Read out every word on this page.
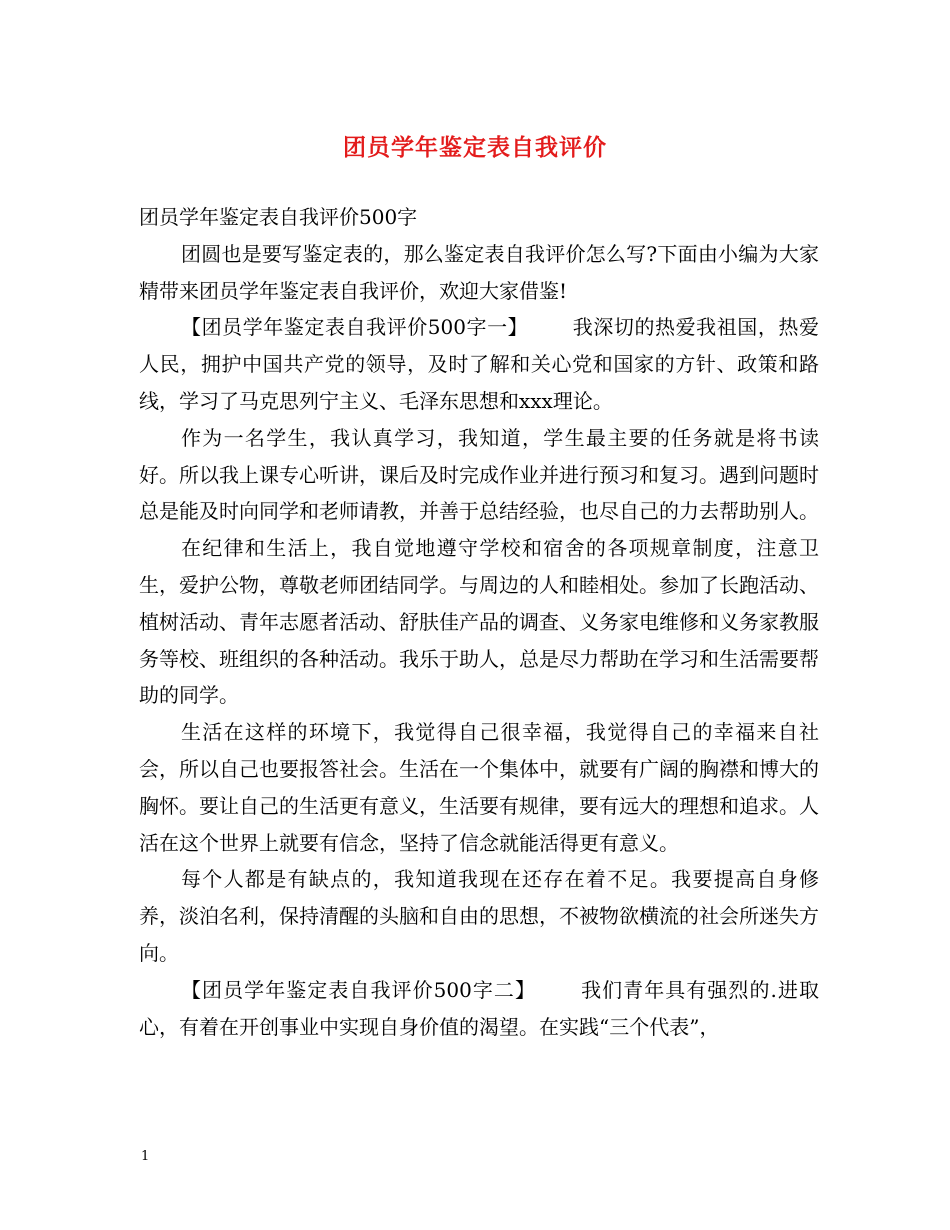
团员学年鉴定表自我评价

团员学年鉴定表自我评价500字

团圆也是要写鉴定表的，那么鉴定表自我评价怎么写?下面由小编为大家精带来团员学年鉴定表自我评价，欢迎大家借鉴!

【团员学年鉴定表自我评价500字一】 我深切的热爱我祖国，热爱人民，拥护中国共产党的领导，及时了解和关心党和国家的方针、政策和路线，学习了马克思列宁主义、毛泽东思想和xxx理论。

作为一名学生，我认真学习，我知道，学生最主要的任务就是将书读好。所以我上课专心听讲，课后及时完成作业并进行预习和复习。遇到问题时总是能及时向同学和老师请教，并善于总结经验，也尽自己的力去帮助别人。

在纪律和生活上，我自觉地遵守学校和宿舍的各项规章制度，注意卫生，爱护公物，尊敬老师团结同学。与周边的人和睦相处。参加了长跑活动、植树活动、青年志愿者活动、舒肤佳产品的调查、义务家电维修和义务家教服务等校、班组织的各种活动。我乐于助人，总是尽力帮助在学习和生活需要帮助的同学。

生活在这样的环境下，我觉得自己很幸福，我觉得自己的幸福来自社会，所以自己也要报答社会。生活在一个集体中，就要有广阔的胸襟和博大的胸怀。要让自己的生活更有意义，生活要有规律，要有远大的理想和追求。人活在这个世界上就要有信念，坚持了信念就能活得更有意义。

每个人都是有缺点的，我知道我现在还存在着不足。我要提高自身修养，淡泊名利，保持清醒的头脑和自由的思想，不被物欲横流的社会所迷失方向。

【团员学年鉴定表自我评价500字二】 我们青年具有强烈的.进取心，有着在开创事业中实现自身价值的渴望。在实践“三个代表”，

1
